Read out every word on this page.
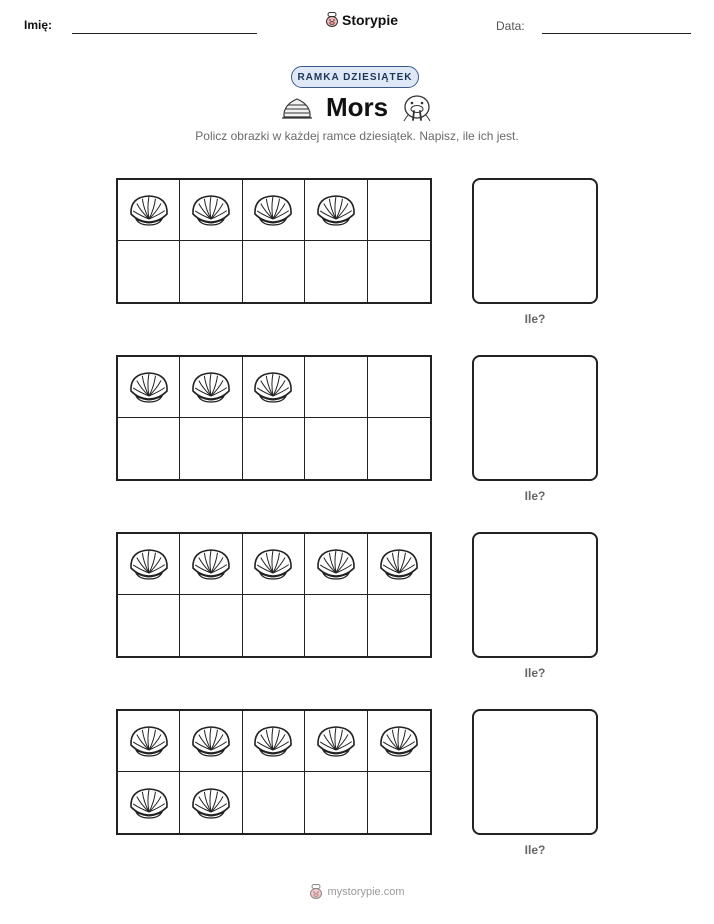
Imię:	Storypie	Data:
RAMKA DZIESIĄTEK
Mors
Policz obrazki w każdej ramce dziesiątek. Napisz, ile ich jest.
Ile?
Ile?
Ile?
Ile?
mystorypie.com
